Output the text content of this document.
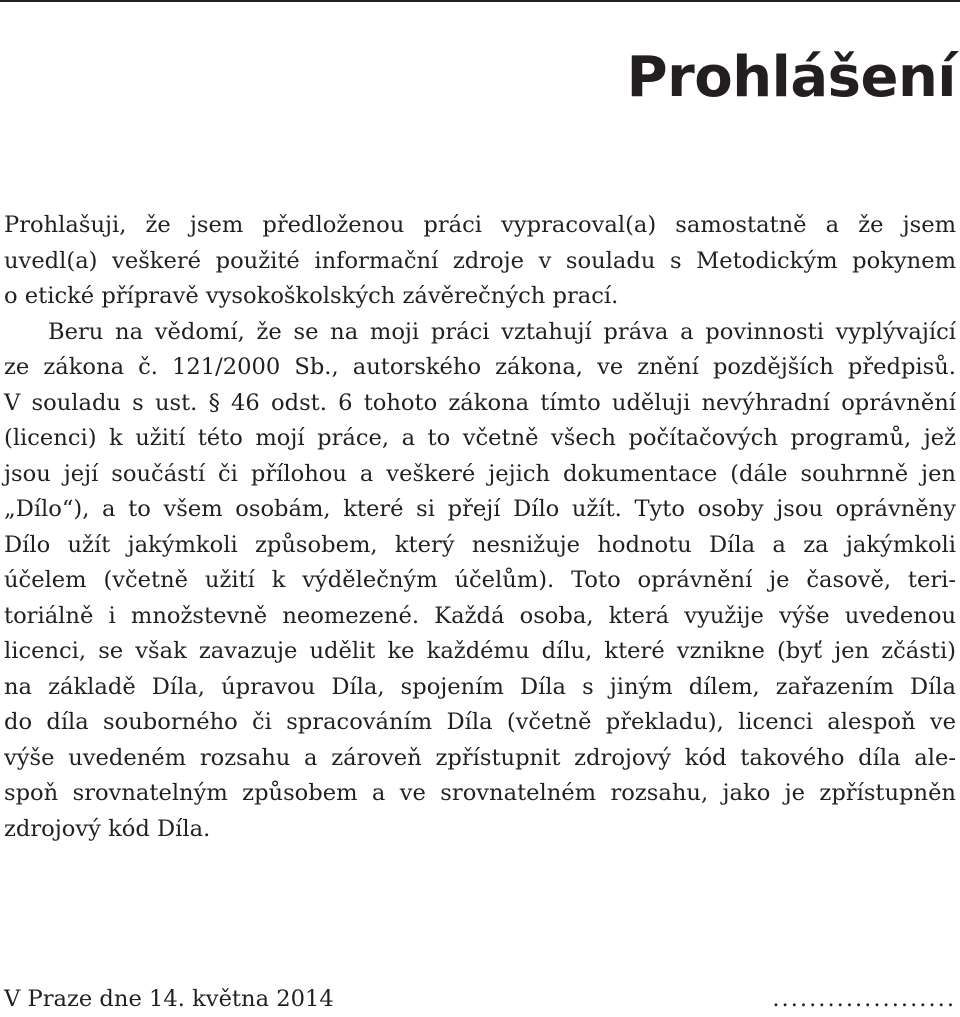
Prohlášení

Prohlašuji, že jsem předloženou práci vypracoval(a) samostatně a že jsem

uvedl(a) veškeré použité informační zdroje v souladu s Metodickým pokynem

o etické přípravě vysokoškolských závěrečných prací.

Beru na vědomí, že se na moji práci vztahují práva a povinnosti vyplývající

ze zákona č. 121/2000 Sb., autorského zákona, ve znění pozdějších předpisů.

V souladu s ust. § 46 odst. 6 tohoto zákona tímto uděluji nevýhradní oprávnění

(licenci) k užití této mojí práce, a to včetně všech počítačových programů, jež

jsou její součástí či přílohou a veškeré jejich dokumentace (dále souhrnně jen

„Dílo“), a to všem osobám, které si přejí Dílo užít. Tyto osoby jsou oprávněny

Dílo užít jakýmkoli způsobem, který nesnižuje hodnotu Díla a za jakýmkoli

účelem (včetně užití k výdělečným účelům). Toto oprávnění je časově, teri-

toriálně i množstevně neomezené. Každá osoba, která využije výše uvedenou

licenci, se však zavazuje udělit ke každému dílu, které vznikne (byť jen zčásti)

na základě Díla, úpravou Díla, spojením Díla s jiným dílem, zařazením Díla

do díla souborného či spracováním Díla (včetně překladu), licenci alespoň ve

výše uvedeném rozsahu a zároveň zpřístupnit zdrojový kód takového díla ale-

spoň srovnatelným způsobem a ve srovnatelném rozsahu, jako je zpřístupněn

zdrojový kód Díla.

V Praze dne 14. května 2014	....................
